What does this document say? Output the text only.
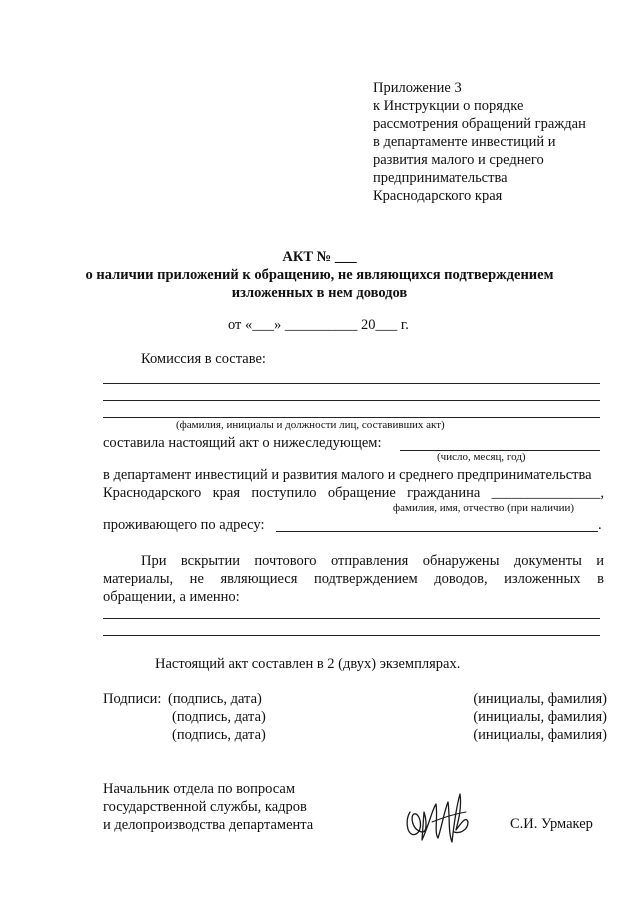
Приложение 3
к Инструкции о порядке
рассмотрения обращений граждан
в департаменте инвестиций и
развития малого и среднего
предпринимательства
Краснодарского края
АКТ № ___
о наличии приложений к обращению, не являющихся подтверждением
изложенных в нем доводов
от «___» __________ 20___ г.
Комиссия в составе:
(фамилия, инициалы и должности лиц, составивших акт)
составила настоящий акт о нижеследующем:
(число, месяц, год)
в департамент инвестиций и развития малого и среднего предпринимательства
Краснодарского края поступило обращение гражданина _______________,
фамилия, имя, отчество (при наличии)
проживающего по адресу:	.
При вскрытии почтового отправления обнаружены документы и
материалы, не являющиеся подтверждением доводов, изложенных в
обращении, а именно:
Настоящий акт составлен в 2 (двух) экземплярах.
Подписи: (подпись, дата)
(подпись, дата)
(подпись, дата)
(инициалы, фамилия)
(инициалы, фамилия)
(инициалы, фамилия)
Начальник отдела по вопросам
государственной службы, кадров
и делопроизводства департамента	С.И. Урмакер
